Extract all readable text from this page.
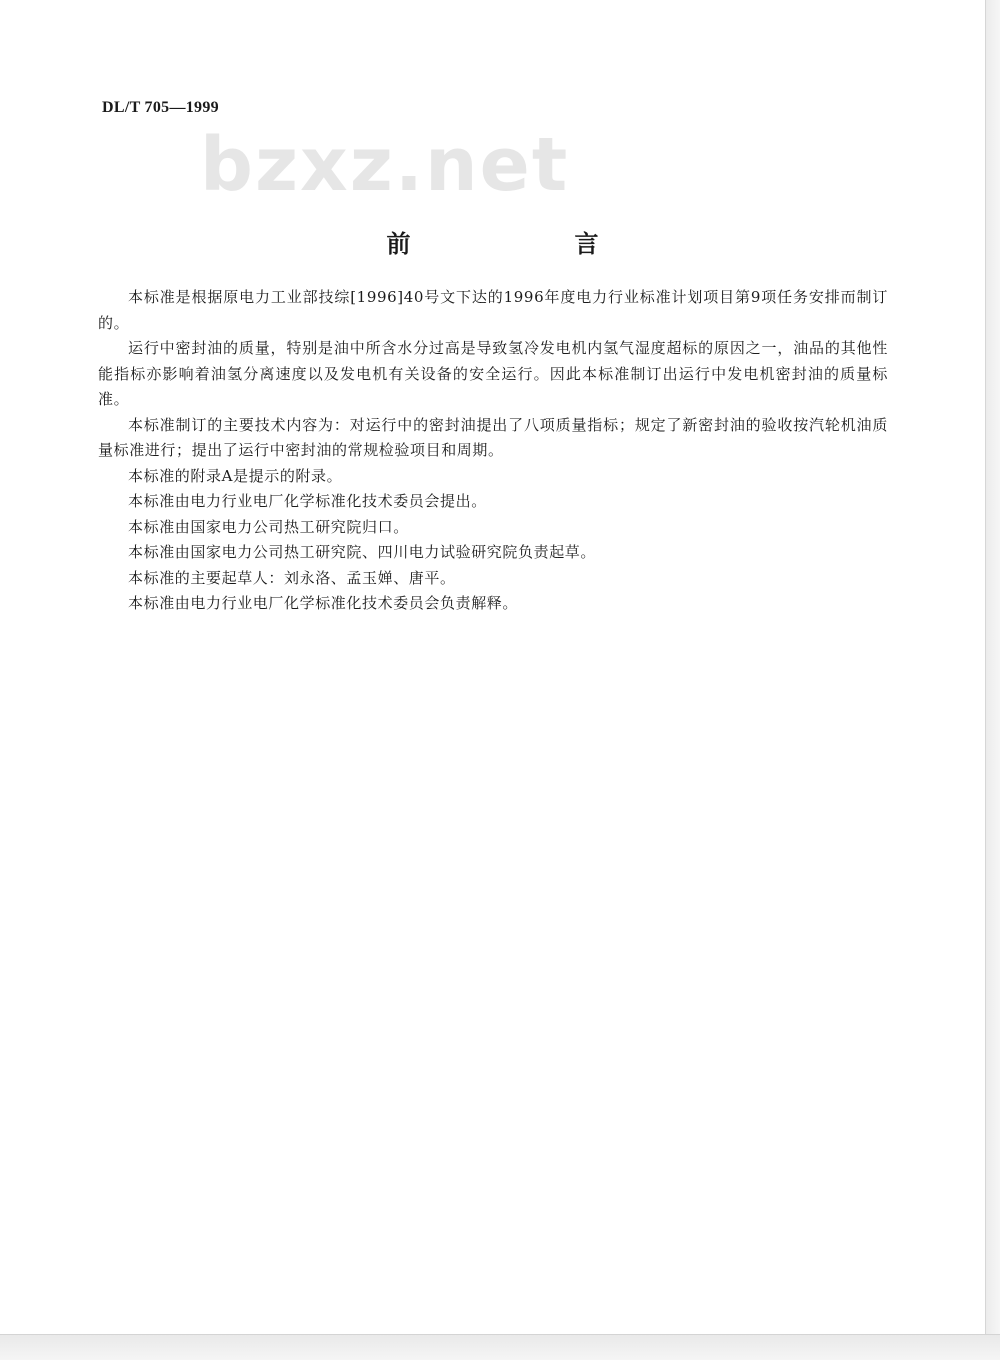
DL/T 705—1999
bzxz.net
前　言

本标准是根据原电力工业部技综[1996]40号文下达的1996年度电力行业标准计划项目第9项任务安排而制订的。

运行中密封油的质量，特别是油中所含水分过高是导致氢冷发电机内氢气湿度超标的原因之一，油品的其他性能指标亦影响着油氢分离速度以及发电机有关设备的安全运行。因此本标准制订出运行中发电机密封油的质量标准。

本标准制订的主要技术内容为：对运行中的密封油提出了八项质量指标；规定了新密封油的验收按汽轮机油质量标准进行；提出了运行中密封油的常规检验项目和周期。

本标准的附录A是提示的附录。

本标准由电力行业电厂化学标准化技术委员会提出。

本标准由国家电力公司热工研究院归口。

本标准由国家电力公司热工研究院、四川电力试验研究院负责起草。

本标准的主要起草人：刘永洛、孟玉婵、唐平。

本标准由电力行业电厂化学标准化技术委员会负责解释。
